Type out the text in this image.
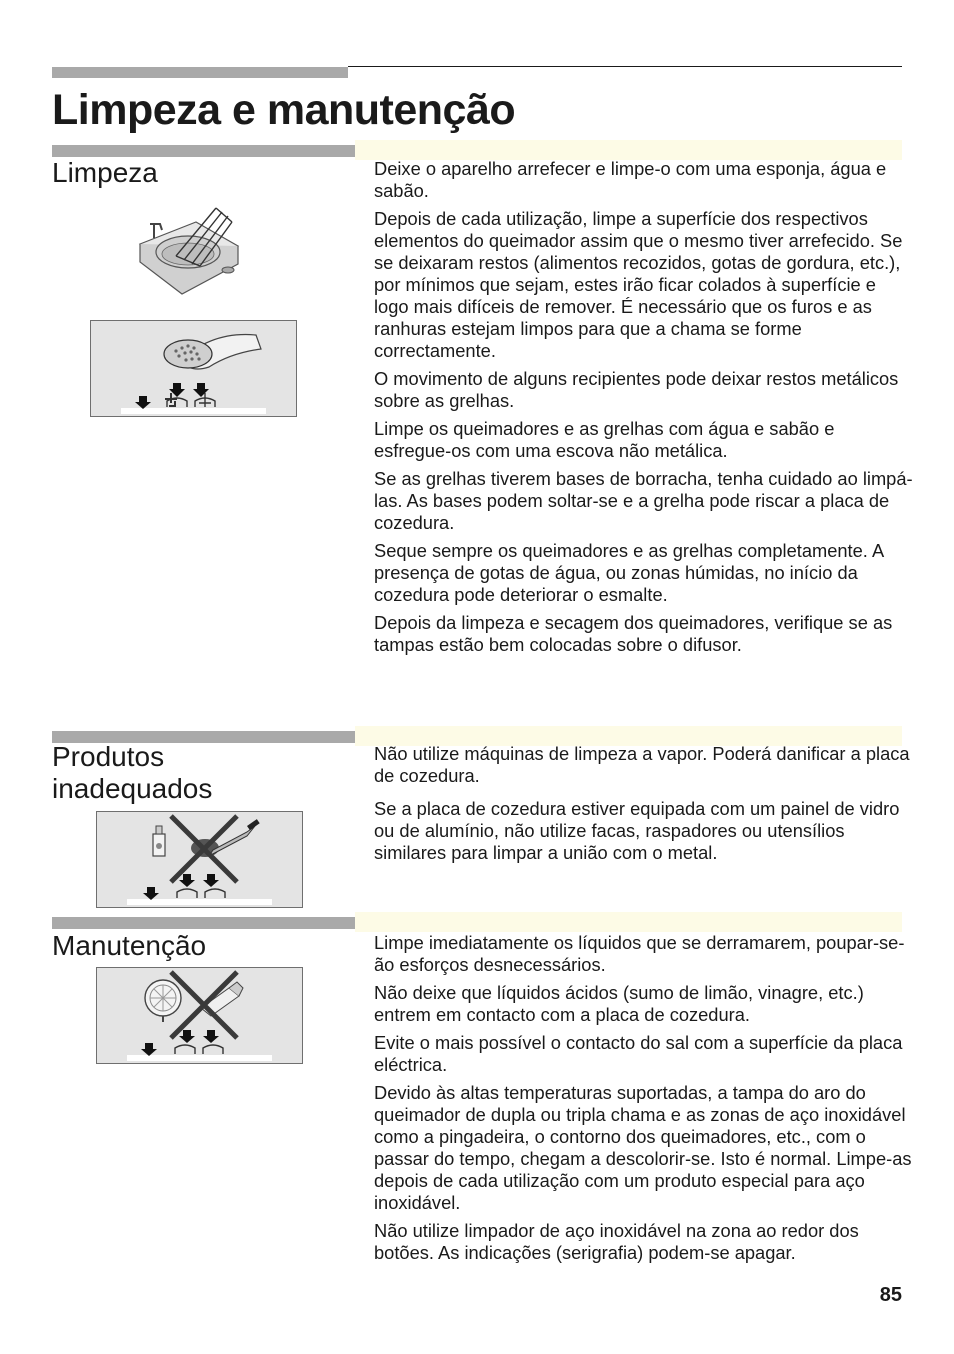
Limpeza e manutenção
Limpeza	Deixe o aparelho arrefecer e limpe-o com uma esponja, água e sabão.

Depois de cada utilização, limpe a superfície dos respectivos elementos do queimador assim que o mesmo tiver arrefecido. Se se deixaram restos (alimentos recozidos, gotas de gordura, etc.), por mínimos que sejam, estes irão ficar colados à superfície e logo mais difíceis de remover. É necessário que os furos e as ranhuras estejam limpos para que a chama se forme correctamente.

O movimento de alguns recipientes pode deixar restos metálicos sobre as grelhas.

Limpe os queimadores e as grelhas com água e sabão e esfregue-os com uma escova não metálica.

Se as grelhas tiverem bases de borracha, tenha cuidado ao limpá-las. As bases podem soltar-se e a grelha pode riscar a placa de cozedura.

Seque sempre os queimadores e as grelhas completamente. A presença de gotas de água, ou zonas húmidas, no início da cozedura pode deteriorar o esmalte.

Depois da limpeza e secagem dos queimadores, verifique se as tampas estão bem colocadas sobre o difusor.

Produtos
inadequados

Não utilize máquinas de limpeza a vapor. Poderá danificar a placa de cozedura.

Se a placa de cozedura estiver equipada com um painel de vidro ou de alumínio, não utilize facas, raspadores ou utensílios similares para limpar a união com o metal.

Manutenção	Limpe imediatamente os líquidos que se derramarem, poupar-se-ão esforços desnecessários.

Não deixe que líquidos ácidos (sumo de limão, vinagre, etc.) entrem em contacto com a placa de cozedura.

Evite o mais possível o contacto do sal com a superfície da placa eléctrica.

Devido às altas temperaturas suportadas, a tampa do aro do queimador de dupla ou tripla chama e as zonas de aço inoxidável como a pingadeira, o contorno dos queimadores, etc., com o passar do tempo, chegam a descolorir-se. Isto é normal. Limpe-as depois de cada utilização com um produto especial para aço inoxidável.

Não utilize limpador de aço inoxidável na zona ao redor dos botões. As indicações (serigrafia) podem-se apagar.

85
